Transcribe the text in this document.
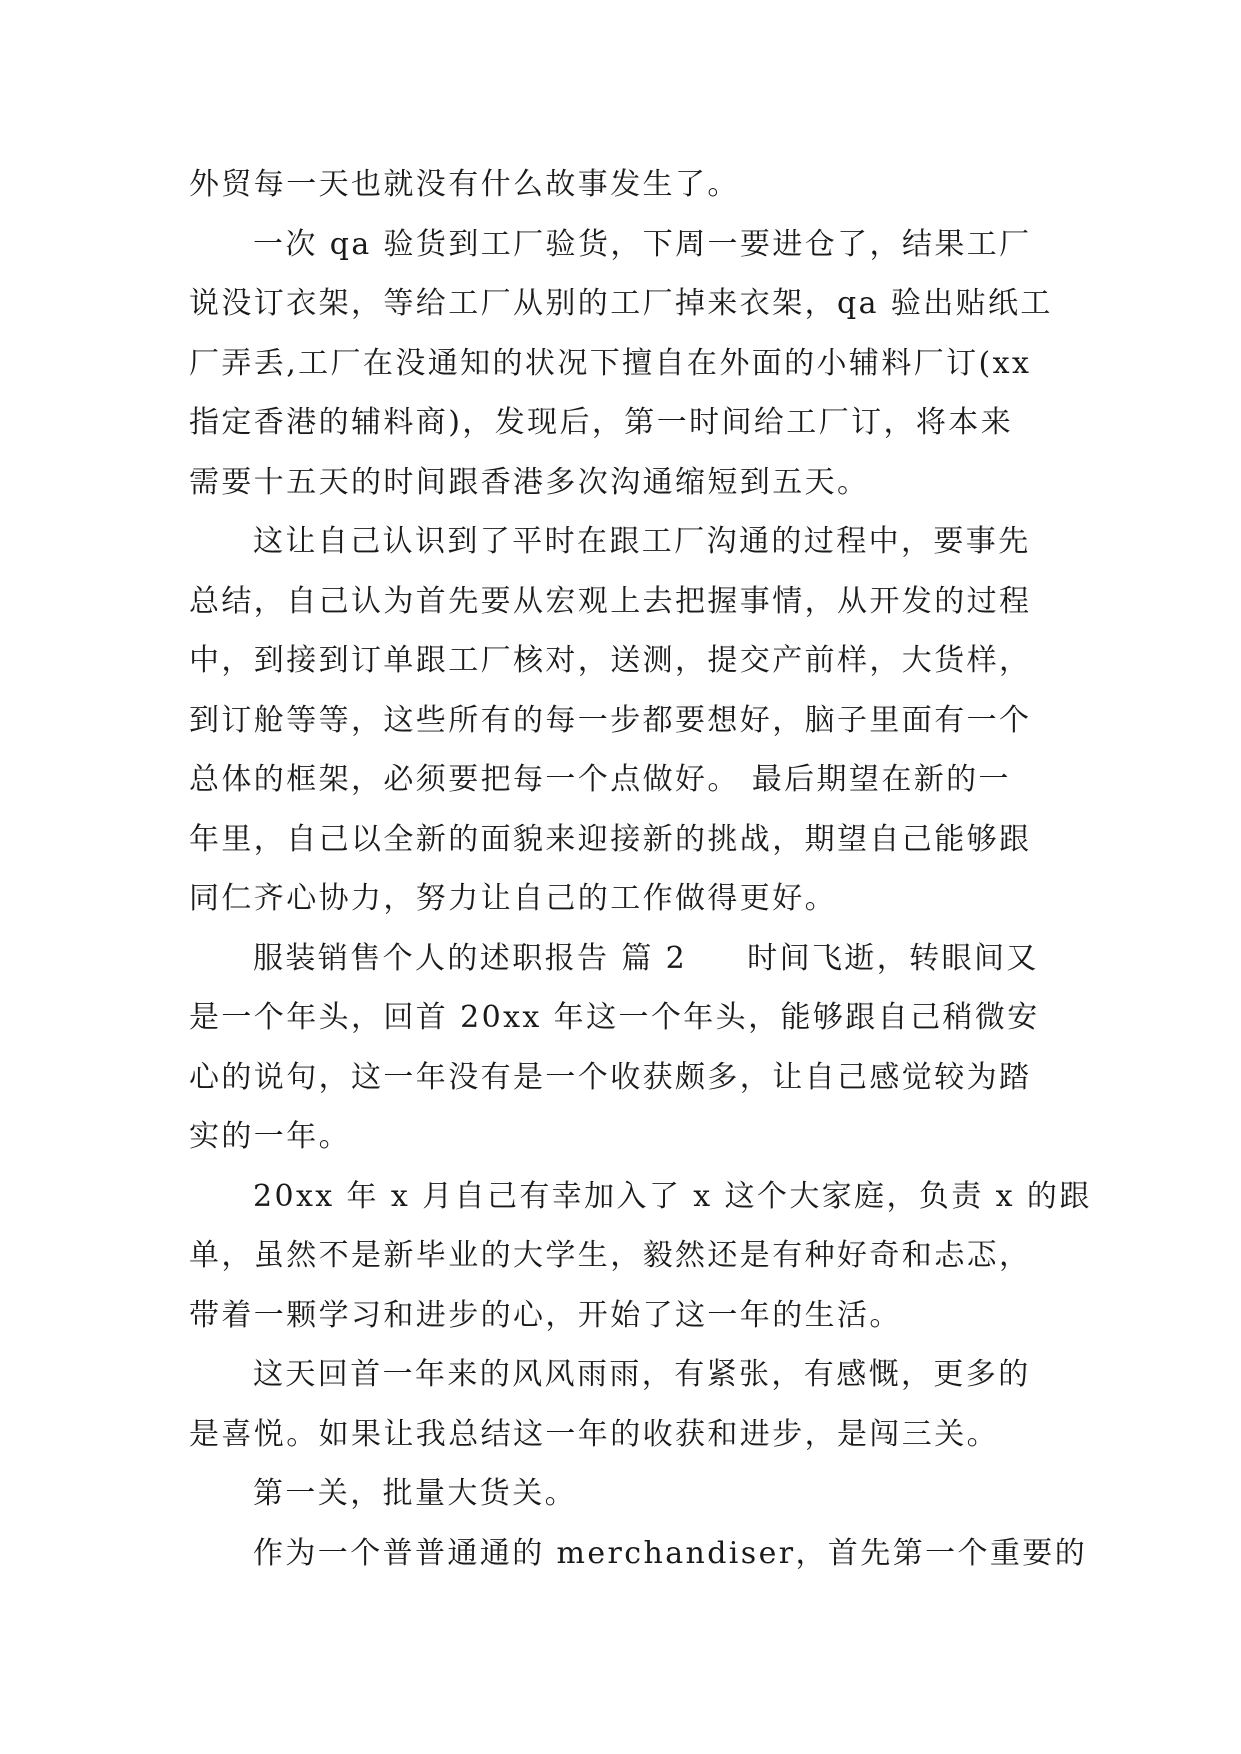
外贸每一天也就没有什么故事发生了。
一次 qa 验货到工厂验货，下周一要进仓了，结果工厂
说没订衣架，等给工厂从别的工厂掉来衣架，qa 验出贴纸工
厂弄丢,工厂在没通知的状况下擅自在外面的小辅料厂订(xx
指定香港的辅料商)，发现后，第一时间给工厂订，将本来
需要十五天的时间跟香港多次沟通缩短到五天。
这让自己认识到了平时在跟工厂沟通的过程中，要事先
总结，自己认为首先要从宏观上去把握事情，从开发的过程
中，到接到订单跟工厂核对，送测，提交产前样，大货样，
到订舱等等，这些所有的每一步都要想好，脑子里面有一个
总体的框架，必须要把每一个点做好。 最后期望在新的一
年里，自己以全新的面貌来迎接新的挑战，期望自己能够跟
同仁齐心协力，努力让自己的工作做得更好。
服装销售个人的述职报告 篇 2 时间飞逝，转眼间又
是一个年头，回首 20xx 年这一个年头，能够跟自己稍微安
心的说句，这一年没有是一个收获颇多，让自己感觉较为踏
实的一年。
20xx 年 x 月自己有幸加入了 x 这个大家庭，负责 x 的跟
单，虽然不是新毕业的大学生，毅然还是有种好奇和忐忑，
带着一颗学习和进步的心，开始了这一年的生活。
这天回首一年来的风风雨雨，有紧张，有感慨，更多的
是喜悦。如果让我总结这一年的收获和进步，是闯三关。
第一关，批量大货关。
作为一个普普通通的 merchandiser，首先第一个重要的
